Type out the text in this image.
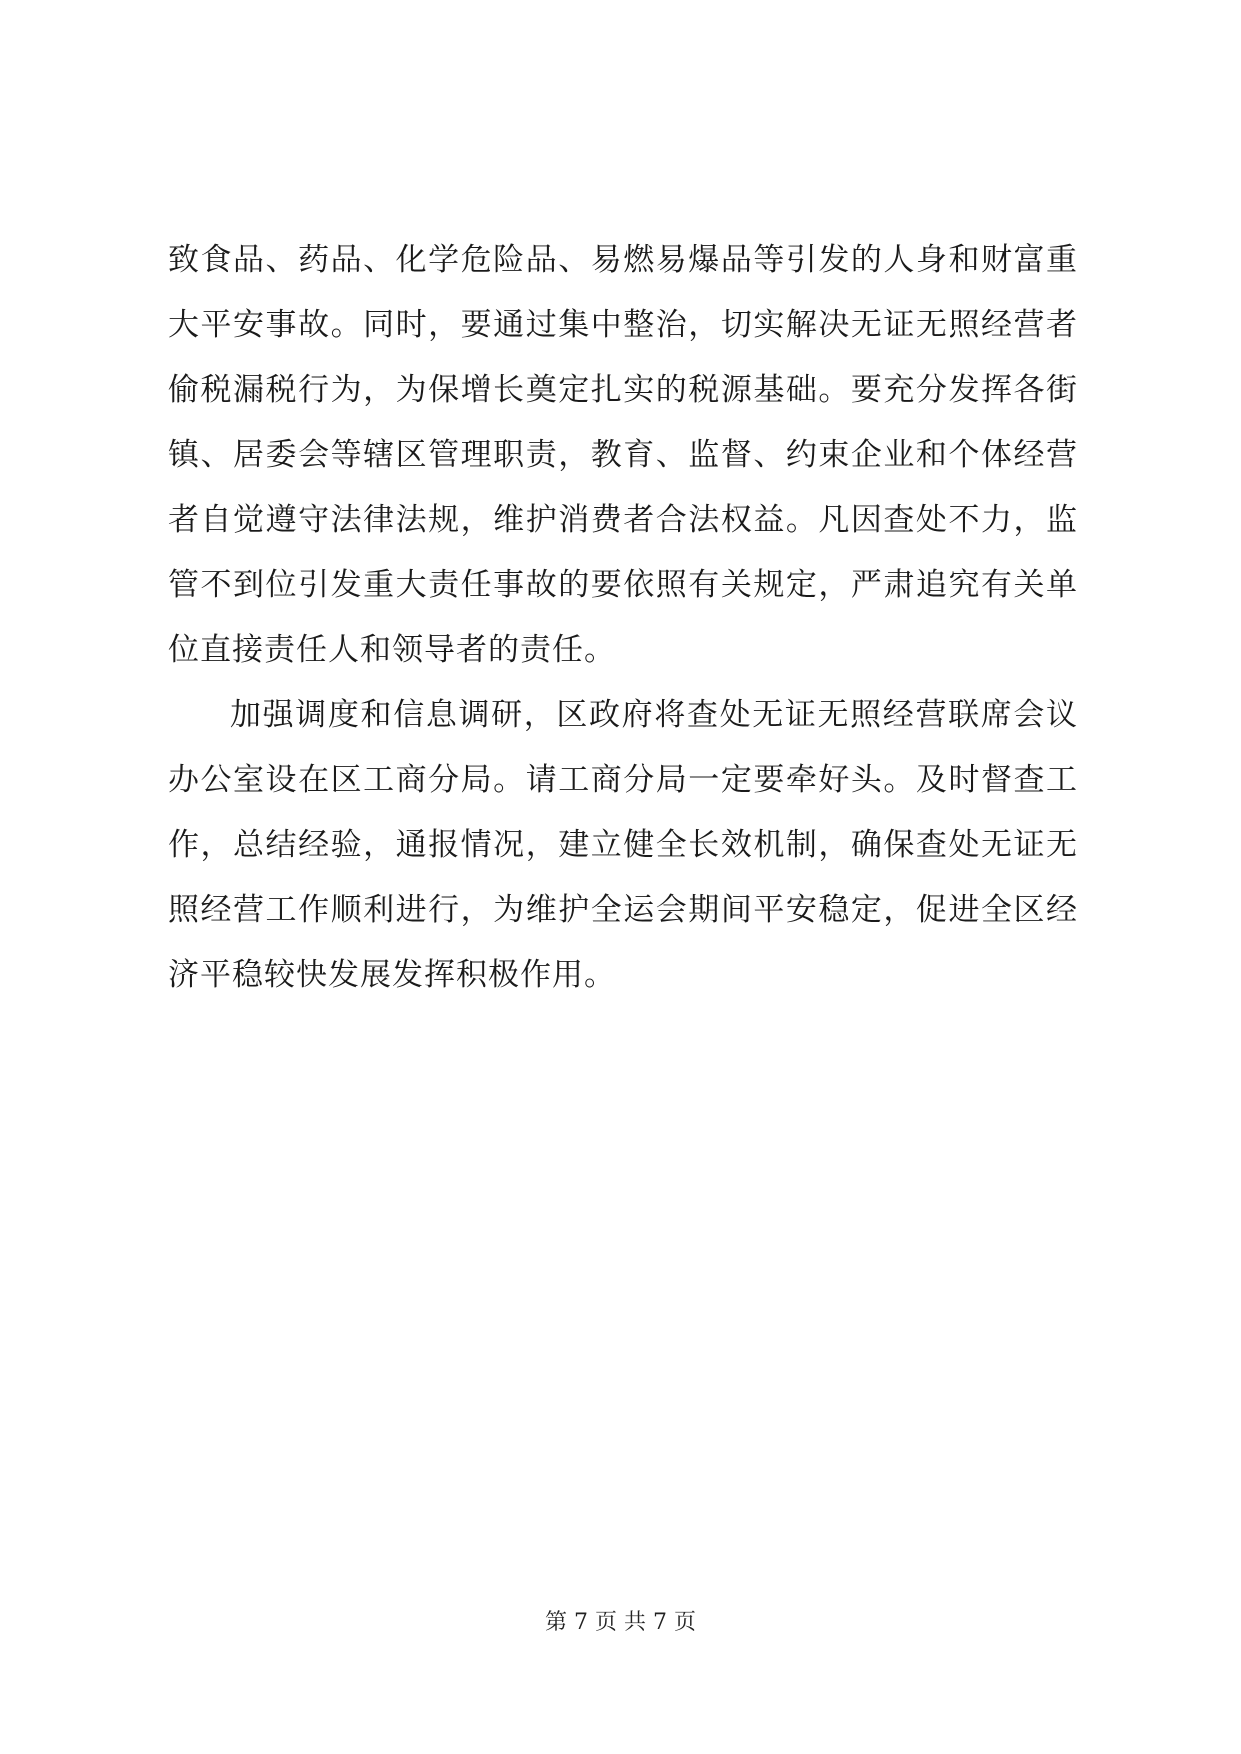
致食品、药品、化学危险品、易燃易爆品等引发的人身和财富重
大平安事故。同时，要通过集中整治，切实解决无证无照经营者
偷税漏税行为，为保增长奠定扎实的税源基础。要充分发挥各街
镇、居委会等辖区管理职责，教育、监督、约束企业和个体经营
者自觉遵守法律法规，维护消费者合法权益。凡因查处不力，监
管不到位引发重大责任事故的要依照有关规定，严肃追究有关单
位直接责任人和领导者的责任。
加强调度和信息调研，区政府将查处无证无照经营联席会议
办公室设在区工商分局。请工商分局一定要牵好头。及时督查工
作，总结经验，通报情况，建立健全长效机制，确保查处无证无
照经营工作顺利进行，为维护全运会期间平安稳定，促进全区经
济平稳较快发展发挥积极作用。
第 7 页 共 7 页
